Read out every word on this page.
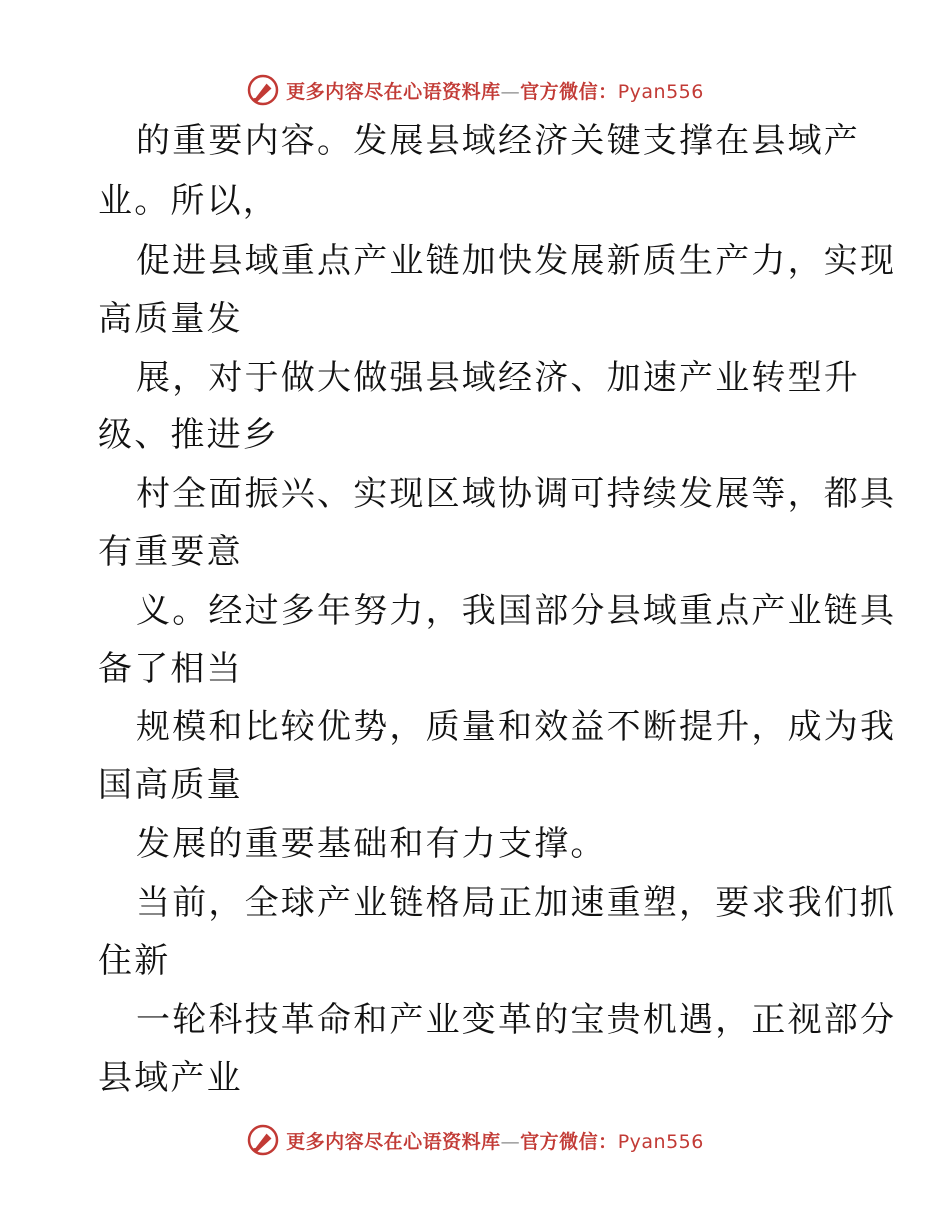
更多内容尽在心语资料库—官方微信：Pyan556
的重要内容。发展县域经济关键支撑在县域产
业。所以，
促进县域重点产业链加快发展新质生产力，实现
高质量发
展，对于做大做强县域经济、加速产业转型升
级、推进乡
村全面振兴、实现区域协调可持续发展等，都具
有重要意
义。经过多年努力，我国部分县域重点产业链具
备了相当
规模和比较优势，质量和效益不断提升，成为我
国高质量
发展的重要基础和有力支撑。
当前，全球产业链格局正加速重塑，要求我们抓
住新
一轮科技革命和产业变革的宝贵机遇，正视部分
县域产业
更多内容尽在心语资料库—官方微信：Pyan556
